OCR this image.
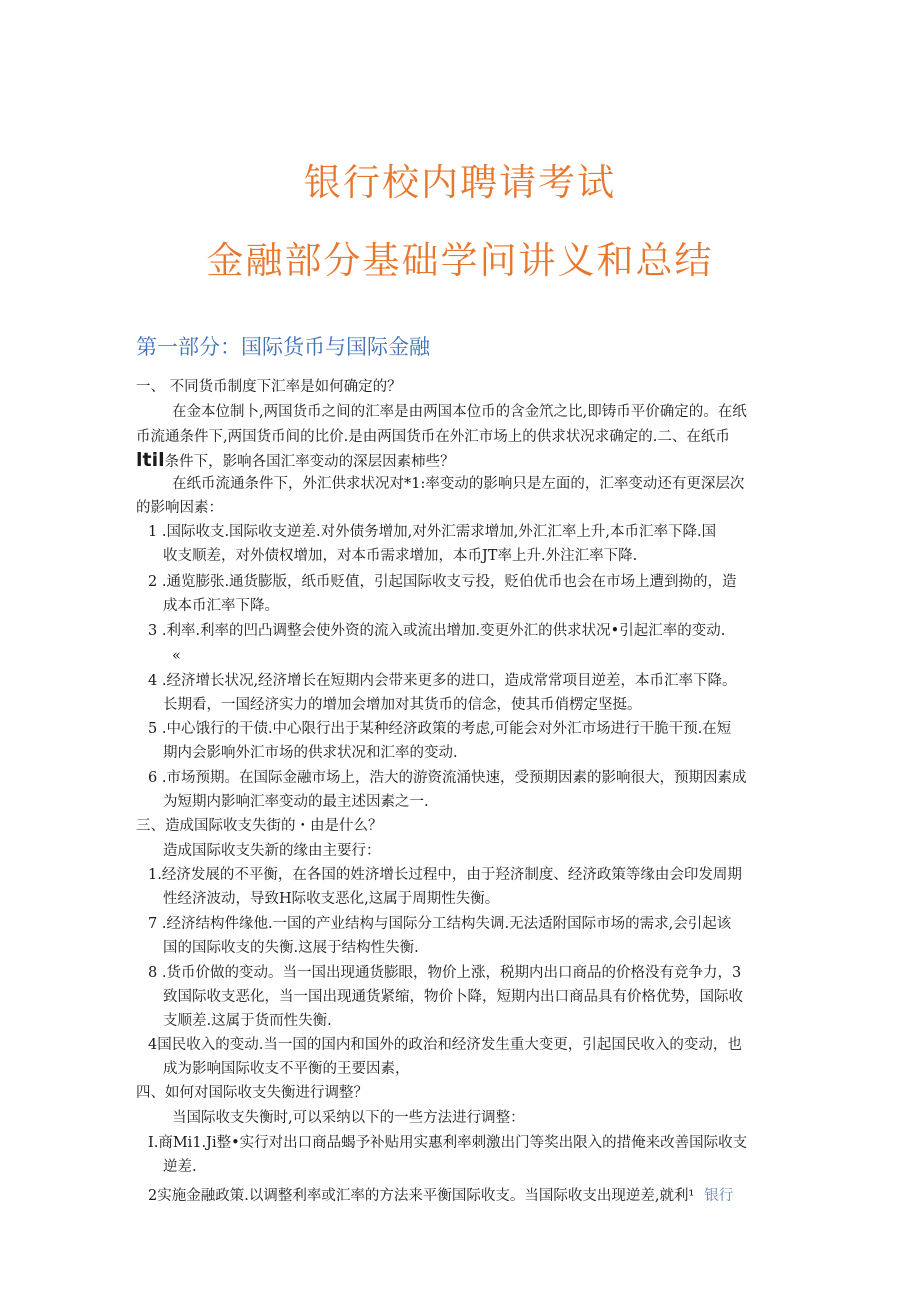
银行校内聘请考试
金融部分基础学问讲义和总结
第一部分：国际货币与国际金融
一、 不同货币制度下汇率是如何确定的？
在金本位制卜,两国货币之间的汇率是由两国本位币的含金笊之比,即铸币平价确定的。在纸
币流通条件下,两国货币间的比价.是由两国货币在外汇市场上的供求状况求确定的.二、在纸币
ltil条件下，影响各国汇率变动的深层因素柿些？
在纸币流通条件下，外汇供求状况对*1:率变动的影响只是左面的，汇率变动还有更深层次
的影响因素：
1 .国际收支.国际收支逆差.对外债务增加,对外汇需求增加,外汇汇率上升,本币汇率下降.国
收支顺差，对外债权增加，对本币需求增加，本币JT率上升.外注汇率下降.
2 .通览膨张.通货膨版，纸币贬值，引起国际收支亏投，贬伯优币也会在市场上遭到拗的，造
成本币汇率下降。
3 .利率.利率的凹凸调整会使外资的流入或流出增加.变更外汇的供求状况•引起汇率的变动.
«
4 .经济增长状况,经济增长在短期内会带来更多的进口，造成常常项目逆差，本币汇率下降。
长期看，一国经济实力的增加会增加对其货币的信念，使其币俏楞定坚挺。
5 .中心饿行的干债.中心限行出于某种经济政策的考虑,可能会对外汇市场进行干脆干预.在短
期内会影响外汇市场的供求状况和汇率的变动.
6 .市场预期。在国际金融市场上，浩大的游资流涌快速，受预期因素的影响很大，预期因素成
为短期内影响汇率变动的最主述因素之一.
三、造成国际收支失街的・由是什么？
造成国际收支失新的缘由主要行：
1.经济发展的不平衡，在各国的姓济增长过程中，由于羟济制度、经济政策等缘由会印发周期
性经济波动，导致H际收支恶化,这属于周期性失衡。
7 .经济结构件缘他.一国的产业结构与国际分工结构失调.无法适附国际市场的需求,会引起该
国的国际收支的失衡.这展于结构性失衡.
8 .货币价做的变动。当一国出现通货膨眼，物价上涨，税期内出口商品的价格没有竞争力，3
致国际收支恶化，当一国出现通货紧缩，物价卜降，短期内出口商品具有价格优势，国际收
支顺差.这属于货而性失衡.
4国民收入的变动.当一国的国内和国外的政治和经济发生重大变更，引起国民收入的变动，也
成为影响国际收支不平衡的王要因素，
四、如何对国际收支失衡进行调整？
当国际收支失衡时,可以采纳以下的一些方法进行调整：
I.商Mi1.Ji整•实行对出口商品蝎予补贴用实惠利率刺激出门等奖出限入的措俺来改善国际收支
逆差.
2实施金融政策.以调整利率或汇率的方法来平衡国际收支。当国际收支出现逆差,就利¹ 银行
